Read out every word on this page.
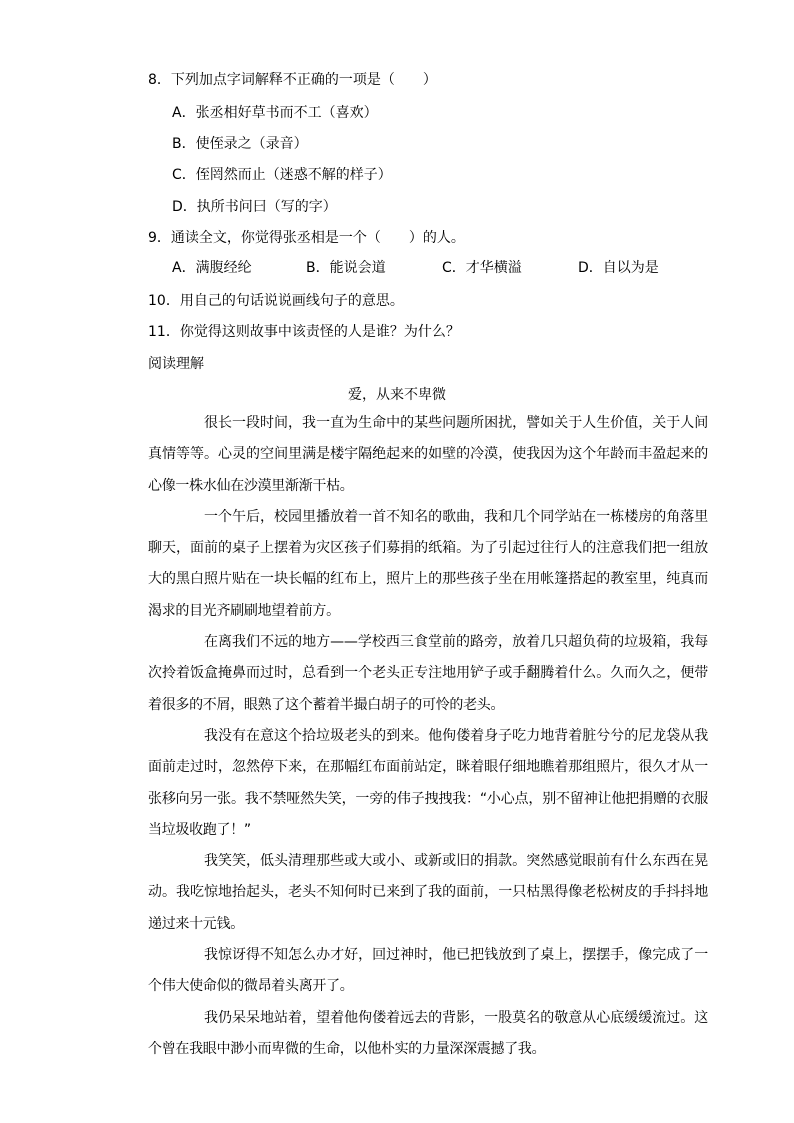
8．下列加点字词解释不正确的一项是（　　）
A．张丞相好草书而不工（喜欢）
B．使侄录之（录音）
C．侄罔然而止（迷惑不解的样子）
D．执所书问曰（写的字）
9．通读全文，你觉得张丞相是一个（　　）的人。
A．满腹经纶	B．能说会道	C．才华横溢	D．自以为是
10．用自己的句话说说画线句子的意思。
11．你觉得这则故事中该责怪的人是谁？为什么？
阅读理解
爱，从来不卑微

很长一段时间，我一直为生命中的某些问题所困扰，譬如关于人生价值，关于人间真情等等。心灵的空间里满是楼宇隔绝起来的如壁的冷漠，使我因为这个年龄而丰盈起来的心像一株水仙在沙漠里渐渐干枯。

一个午后，校园里播放着一首不知名的歌曲，我和几个同学站在一栋楼房的角落里聊天，面前的桌子上摆着为灾区孩子们募捐的纸箱。为了引起过往行人的注意我们把一组放大的黑白照片贴在一块长幅的红布上，照片上的那些孩子坐在用帐篷搭起的教室里，纯真而渴求的目光齐刷刷地望着前方。

在离我们不远的地方——学校西三食堂前的路旁，放着几只超负荷的垃圾箱，我每次拎着饭盒掩鼻而过时，总看到一个老头正专注地用铲子或手翻腾着什么。久而久之，便带着很多的不屑，眼熟了这个蓄着半撮白胡子的可怜的老头。

我没有在意这个拾垃圾老头的到来。他佝偻着身子吃力地背着脏兮兮的尼龙袋从我面前走过时，忽然停下来，在那幅红布面前站定，眯着眼仔细地瞧着那组照片，很久才从一张移向另一张。我不禁哑然失笑，一旁的伟子拽拽我：“小心点，别不留神让他把捐赠的衣服当垃圾收跑了！”

我笑笑，低头清理那些或大或小、或新或旧的捐款。突然感觉眼前有什么东西在晃动。我吃惊地抬起头，老头不知何时已来到了我的面前，一只枯黑得像老松树皮的手抖抖地递过来十元钱。

我惊讶得不知怎么办才好，回过神时，他已把钱放到了桌上，摆摆手，像完成了一个伟大使命似的微昂着头离开了。

我仍呆呆地站着，望着他佝偻着远去的背影，一股莫名的敬意从心底缓缓流过。这个曾在我眼中渺小而卑微的生命，以他朴实的力量深深震撼了我。
